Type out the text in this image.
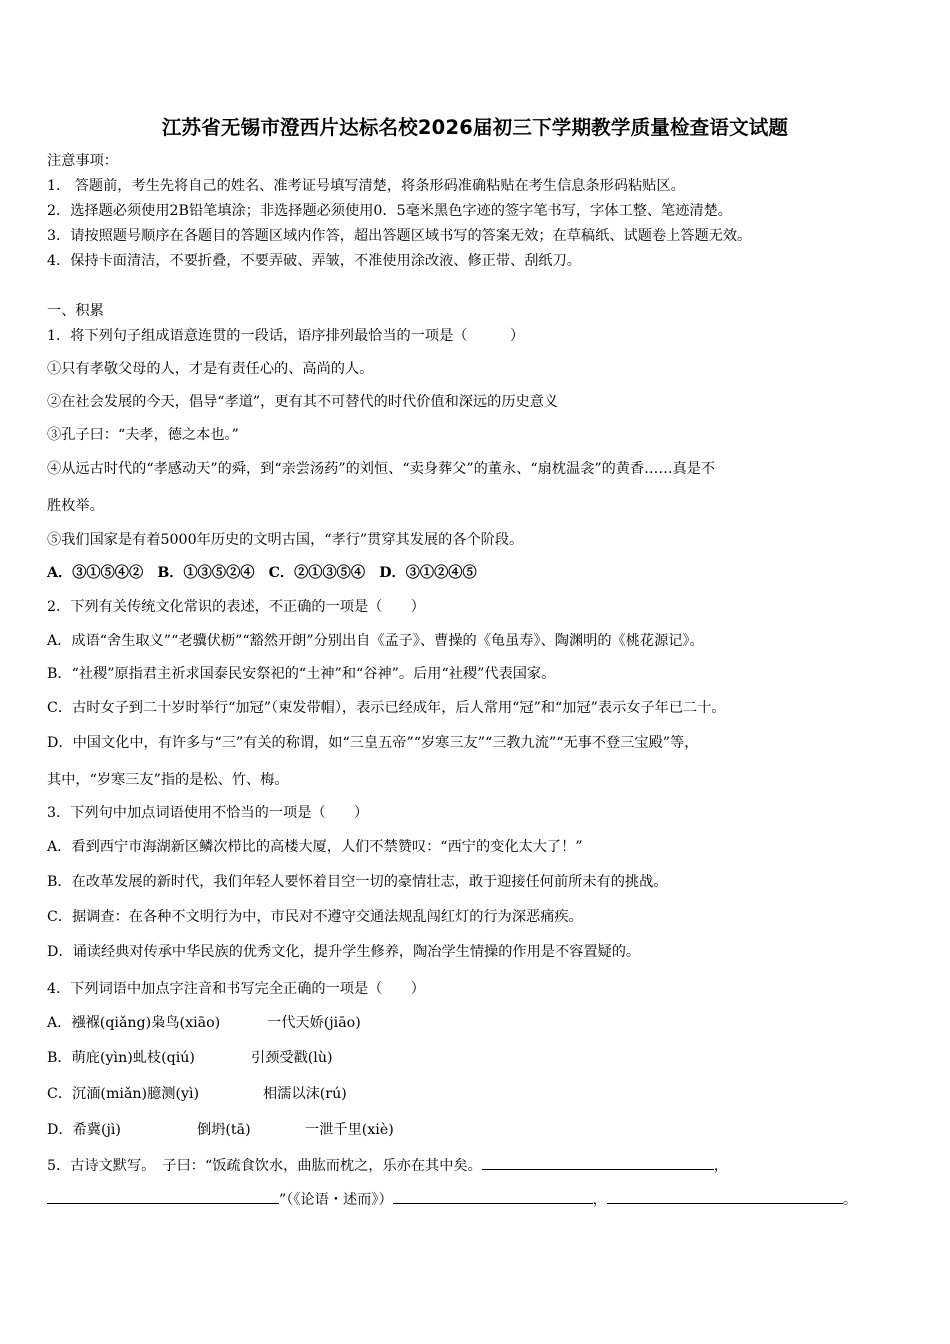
江苏省无锡市澄西片达标名校2026届初三下学期教学质量检查语文试题
注意事项：
1． 答题前，考生先将自己的姓名、准考证号填写清楚，将条形码准确粘贴在考生信息条形码粘贴区。
2．选择题必须使用2B铅笔填涂；非选择题必须使用0．5毫米黑色字迹的签字笔书写，字体工整、笔迹清楚。
3．请按照题号顺序在各题目的答题区域内作答，超出答题区域书写的答案无效；在草稿纸、试题卷上答题无效。
4．保持卡面清洁，不要折叠，不要弄破、弄皱，不准使用涂改液、修正带、刮纸刀。
一、积累
1．将下列句子组成语意连贯的一段话，语序排列最恰当的一项是（　　　）
①只有孝敬父母的人，才是有责任心的、高尚的人。
②在社会发展的今天，倡导“孝道”，更有其不可替代的时代价值和深远的历史意义
③孔子曰：“夫孝，德之本也。”
④从远古时代的“孝感动天”的舜，到“亲尝汤药”的刘恒、“卖身葬父”的董永、“扇枕温衾”的黄香……真是不
胜枚举。
⑤我们国家是有着5000年历史的文明古国，“孝行”贯穿其发展的各个阶段。
A．③①⑤④②　B．①③⑤②④　C．②①③⑤④　D．③①②④⑤
2．下列有关传统文化常识的表述，不正确的一项是（　　）
A．成语“舍生取义”“老骥伏枥”“豁然开朗”分别出自《孟子》、曹操的《龟虽寿》、陶渊明的《桃花源记》。
B．“社稷”原指君主祈求国泰民安祭祀的“土神”和“谷神”。后用“社稷”代表国家。
C．古时女子到二十岁时举行“加冠”（束发带帽），表示已经成年，后人常用“冠”和“加冠”表示女子年已二十。
D．中国文化中，有许多与“三”有关的称谓，如“三皇五帝”“岁寒三友”“三教九流”“无事不登三宝殿”等，
其中，“岁寒三友”指的是松、竹、梅。
3．下列句中加点词语使用不恰当的一项是（　　）
A．看到西宁市海湖新区鳞次栉比的高楼大厦，人们不禁赞叹：“西宁的变化太大了！”
B．在改革发展的新时代，我们年轻人要怀着目空一切的豪情壮志，敢于迎接任何前所未有的挑战。
C．据调查：在各种不文明行为中，市民对不遵守交通法规乱闯红灯的行为深恶痛疾。
D．诵读经典对传承中华民族的优秀文化，提升学生修养，陶冶学生情操的作用是不容置疑的。
4．下列词语中加点字注音和书写完全正确的一项是（　　）
A．襁褓(qiǎng)枭鸟(xiāo)	一代天娇(jiāo)
B．萌庇(yìn)虬枝(qiú)	引颈受戳(lù)
C．沉湎(miǎn)臆测(yì)	相濡以沫(rú)
D．希冀(jì)	倒坍(tā)	一泄千里(xiè)
5．古诗文默写。　子曰：“饭疏食饮水，曲肱而枕之，乐亦在其中矣。	，
”（《论语・述而》）	，	。
